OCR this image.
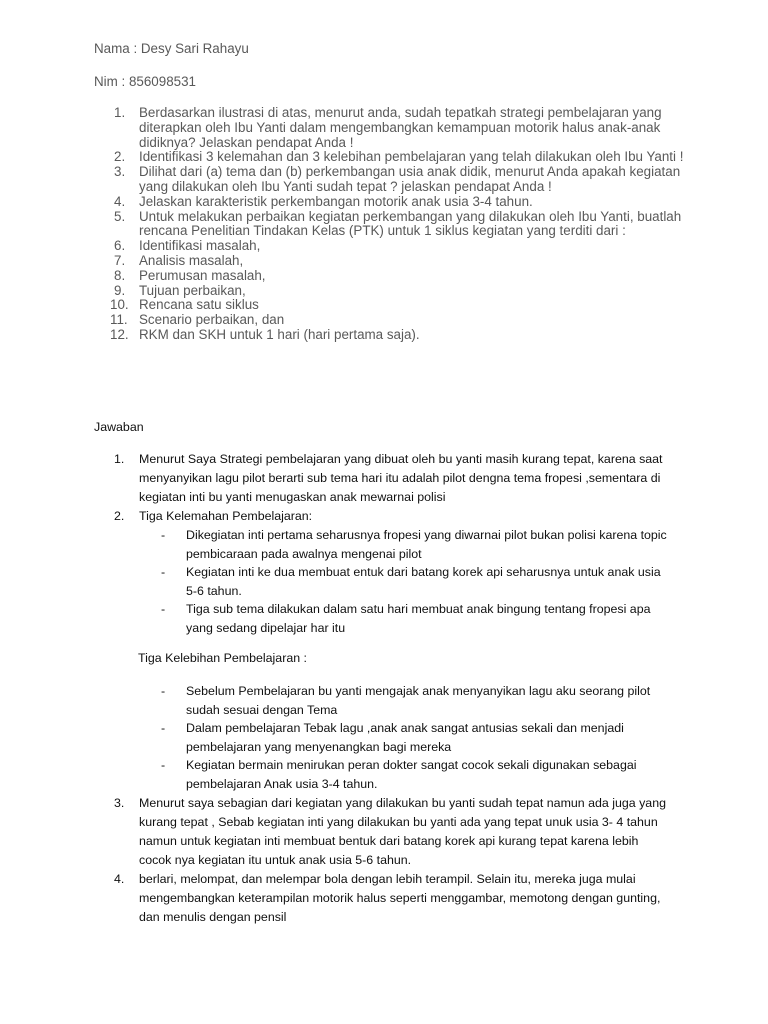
Nama : Desy Sari Rahayu
Nim : 856098531
1.	Berdasarkan ilustrasi di atas, menurut anda, sudah tepatkah strategi pembelajaran yang diterapkan oleh Ibu Yanti dalam mengembangkan kemampuan motorik halus anak-anak didiknya? Jelaskan pendapat Anda !
2.	Identifikasi 3 kelemahan dan 3 kelebihan pembelajaran yang telah dilakukan oleh Ibu Yanti !
3.	Dilihat dari (a) tema dan (b) perkembangan usia anak didik, menurut Anda apakah kegiatan yang dilakukan oleh Ibu Yanti sudah tepat ? jelaskan pendapat Anda !
4.	Jelaskan karakteristik perkembangan motorik anak usia 3-4 tahun.
5.	Untuk melakukan perbaikan kegiatan perkembangan yang dilakukan oleh Ibu Yanti, buatlah rencana Penelitian Tindakan Kelas (PTK) untuk 1 siklus kegiatan yang terditi dari :
6.	Identifikasi masalah,
7.	Analisis masalah,
8.	Perumusan masalah,
9.	Tujuan perbaikan,
10. Rencana satu siklus
11. Scenario perbaikan, dan
12. RKM dan SKH untuk 1 hari (hari pertama saja).
Jawaban
1. Menurut Saya Strategi pembelajaran yang dibuat oleh bu yanti masih kurang tepat, karena saat menyanyikan lagu pilot berarti sub tema hari itu adalah pilot dengna tema fropesi ,sementara di kegiatan inti bu yanti menugaskan anak mewarnai polisi
2. Tiga Kelemahan Pembelajaran:
- Dikegiatan inti pertama seharusnya fropesi yang diwarnai pilot bukan polisi karena topic pembicaraan pada awalnya mengenai pilot
- Kegiatan inti ke dua membuat entuk dari batang korek api seharusnya untuk anak usia 5-6 tahun.
- Tiga sub tema dilakukan dalam satu hari membuat anak bingung tentang fropesi apa yang sedang dipelajar har itu
Tiga Kelebihan Pembelajaran :
- Sebelum Pembelajaran bu yanti mengajak anak menyanyikan lagu aku seorang pilot sudah sesuai dengan Tema
- Dalam pembelajaran Tebak lagu ,anak anak sangat antusias sekali dan menjadi pembelajaran yang menyenangkan bagi mereka
- Kegiatan bermain menirukan peran dokter sangat cocok sekali digunakan sebagai pembelajaran Anak usia 3-4 tahun.
3. Menurut saya sebagian dari kegiatan yang dilakukan bu yanti sudah tepat namun ada juga yang kurang tepat , Sebab kegiatan inti yang dilakukan bu yanti ada yang tepat unuk usia 3- 4 tahun namun untuk kegiatan inti membuat bentuk dari batang korek api kurang tepat karena lebih cocok nya kegiatan itu untuk anak usia 5-6 tahun.
4. berlari, melompat, dan melempar bola dengan lebih terampil. Selain itu, mereka juga mulai mengembangkan keterampilan motorik halus seperti menggambar, memotong dengan gunting, dan menulis dengan pensil
